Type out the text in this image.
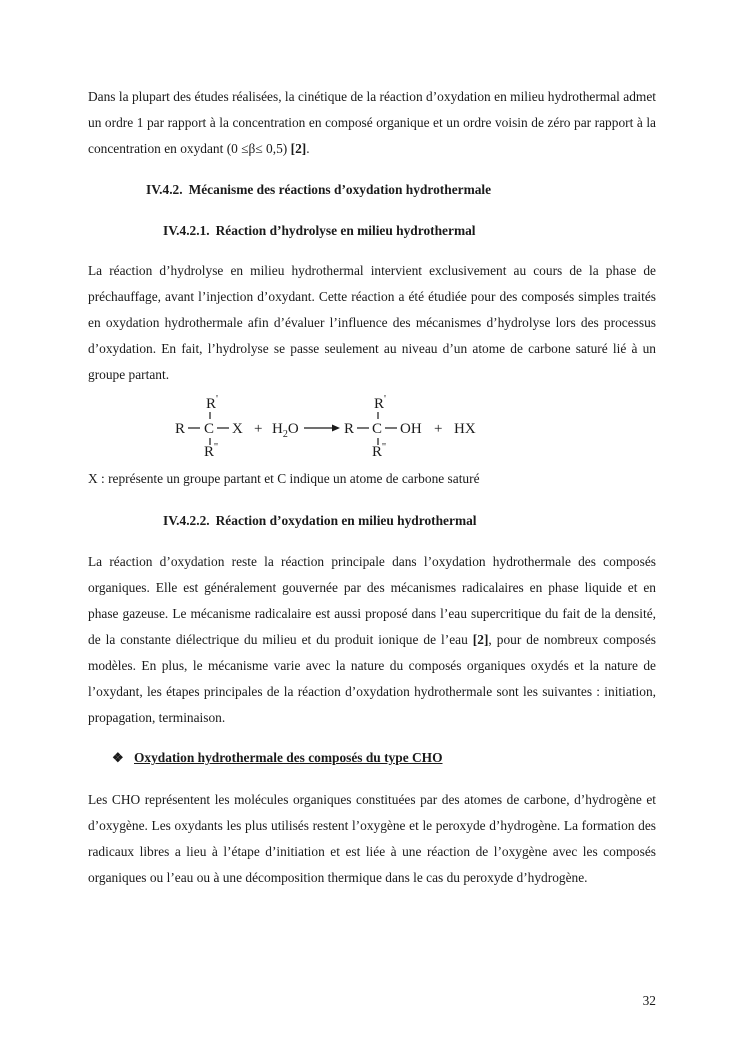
Dans la plupart des études réalisées, la cinétique de la réaction d’oxydation en milieu hydrothermal admet un ordre 1 par rapport à la concentration en composé organique et un ordre voisin de zéro par rapport à la concentration en oxydant (0 ≤β≤ 0,5) [2].

IV.4.2. Mécanisme des réactions d’oxydation hydrothermale

IV.4.2.1. Réaction d’hydrolyse en milieu hydrothermal

La réaction d’hydrolyse en milieu hydrothermal intervient exclusivement au cours de la phase de préchauffage, avant l’injection d’oxydant. Cette réaction a été étudiée pour des composés simples traités en oxydation hydrothermale afin d’évaluer l’influence des mécanismes d’hydrolyse lors des processus d’oxydation. En fait, l’hydrolyse se passe seulement au niveau d’un atome de carbone saturé lié à un groupe partant.

R'
R C X
R''
+ $H_2O$
R'
R C OH
R''
+ HX

X : représente un groupe partant et C indique un atome de carbone saturé

IV.4.2.2. Réaction d’oxydation en milieu hydrothermal

La réaction d’oxydation reste la réaction principale dans l’oxydation hydrothermale des composés organiques. Elle est généralement gouvernée par des mécanismes radicalaires en phase liquide et en phase gazeuse. Le mécanisme radicalaire est aussi proposé dans l’eau supercritique du fait de la densité, de la constante diélectrique du milieu et du produit ionique de l’eau [2], pour de nombreux composés modèles. En plus, le mécanisme varie avec la nature du composés organiques oxydés et la nature de l’oxydant, les étapes principales de la réaction d’oxydation hydrothermale sont les suivantes : initiation, propagation, terminaison.

❖ Oxydation hydrothermale des composés du type CHO

Les CHO représentent les molécules organiques constituées par des atomes de carbone, d’hydrogène et d’oxygène. Les oxydants les plus utilisés restent l’oxygène et le peroxyde d’hydrogène. La formation des radicaux libres a lieu à l’étape d’initiation et est liée à une réaction de l’oxygène avec les composés organiques ou l’eau ou à une décomposition thermique dans le cas du peroxyde d’hydrogène.

32
